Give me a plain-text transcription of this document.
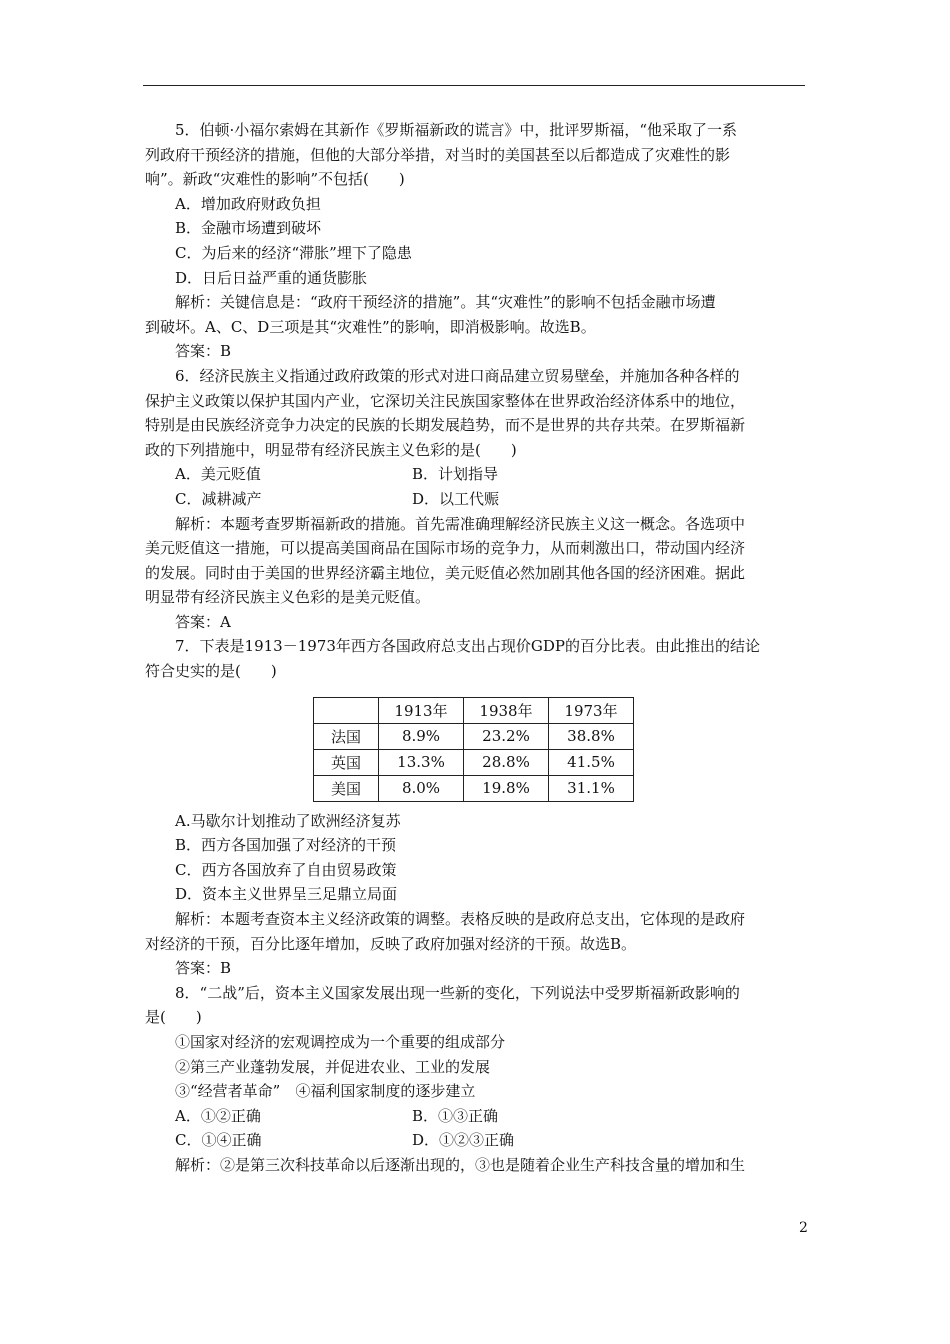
5．伯顿·小福尔索姆在其新作《罗斯福新政的谎言》中，批评罗斯福，“他采取了一系

列政府干预经济的措施，但他的大部分举措，对当时的美国甚至以后都造成了灾难性的影

响”。新政“灾难性的影响”不包括(　　)

A．增加政府财政负担

B．金融市场遭到破坏

C．为后来的经济“滞胀”埋下了隐患

D．日后日益严重的通货膨胀

解析：关键信息是：“政府干预经济的措施”。其“灾难性”的影响不包括金融市场遭

到破坏。A、C、D三项是其“灾难性”的影响，即消极影响。故选B。

答案：B

6．经济民族主义指通过政府政策的形式对进口商品建立贸易壁垒，并施加各种各样的

保护主义政策以保护其国内产业，它深切关注民族国家整体在世界政治经济体系中的地位，

特别是由民族经济竞争力决定的民族的长期发展趋势，而不是世界的共存共荣。在罗斯福新

政的下列措施中，明显带有经济民族主义色彩的是(　　)

A．美元贬值	B．计划指导
C．减耕减产	D．以工代赈

解析：本题考查罗斯福新政的措施。首先需准确理解经济民族主义这一概念。各选项中

美元贬值这一措施，可以提高美国商品在国际市场的竞争力，从而刺激出口，带动国内经济

的发展。同时由于美国的世界经济霸主地位，美元贬值必然加剧其他各国的经济困难。据此

明显带有经济民族主义色彩的是美元贬值。

答案：A

7．下表是1913－1973年西方各国政府总支出占现价GDP的百分比表。由此推出的结论

符合史实的是(　　)

	1913年	1938年	1973年
法国	8.9%	23.2%	38.8%
英国	13.3%	28.8%	41.5%
美国	8.0%	19.8%	31.1%

A.马歇尔计划推动了欧洲经济复苏

B．西方各国加强了对经济的干预

C．西方各国放弃了自由贸易政策

D．资本主义世界呈三足鼎立局面

解析：本题考查资本主义经济政策的调整。表格反映的是政府总支出，它体现的是政府

对经济的干预，百分比逐年增加，反映了政府加强对经济的干预。故选B。

答案：B

8．“二战”后，资本主义国家发展出现一些新的变化，下列说法中受罗斯福新政影响的

是(　　)

①国家对经济的宏观调控成为一个重要的组成部分

②第三产业蓬勃发展，并促进农业、工业的发展

③“经营者革命”　④福利国家制度的逐步建立

A．①②正确	B．①③正确
C．①④正确	D．①②③正确

解析：②是第三次科技革命以后逐渐出现的，③也是随着企业生产科技含量的增加和生

2
